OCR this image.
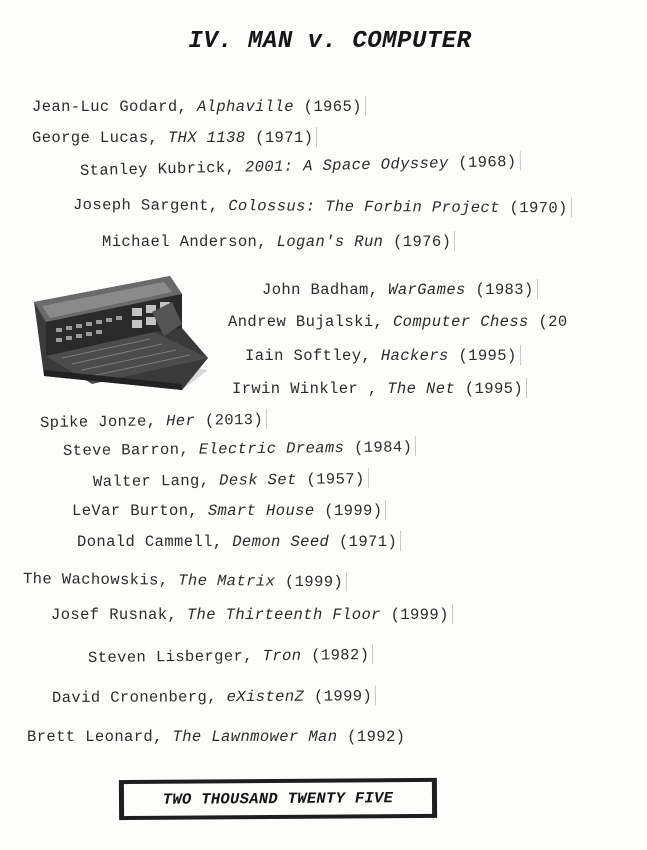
IV. MAN v. COMPUTER
Jean-Luc Godard, Alphaville (1965)
George Lucas, THX 1138 (1971)
Stanley Kubrick, 2001: A Space Odyssey (1968)
Joseph Sargent, Colossus: The Forbin Project (1970)
Michael Anderson, Logan's Run (1976)
John Badham, WarGames (1983)
Andrew Bujalski, Computer Chess (20
Iain Softley, Hackers (1995)
Irwin Winkler , The Net (1995)
Spike Jonze, Her (2013)
Steve Barron, Electric Dreams (1984)
Walter Lang, Desk Set (1957)
LeVar Burton, Smart House (1999)
Donald Cammell, Demon Seed (1971)
The Wachowskis, The Matrix (1999)
Josef Rusnak, The Thirteenth Floor (1999)
Steven Lisberger, Tron (1982)
David Cronenberg, eXistenZ (1999)
Brett Leonard, The Lawnmower Man (1992)
TWO THOUSAND TWENTY FIVE
